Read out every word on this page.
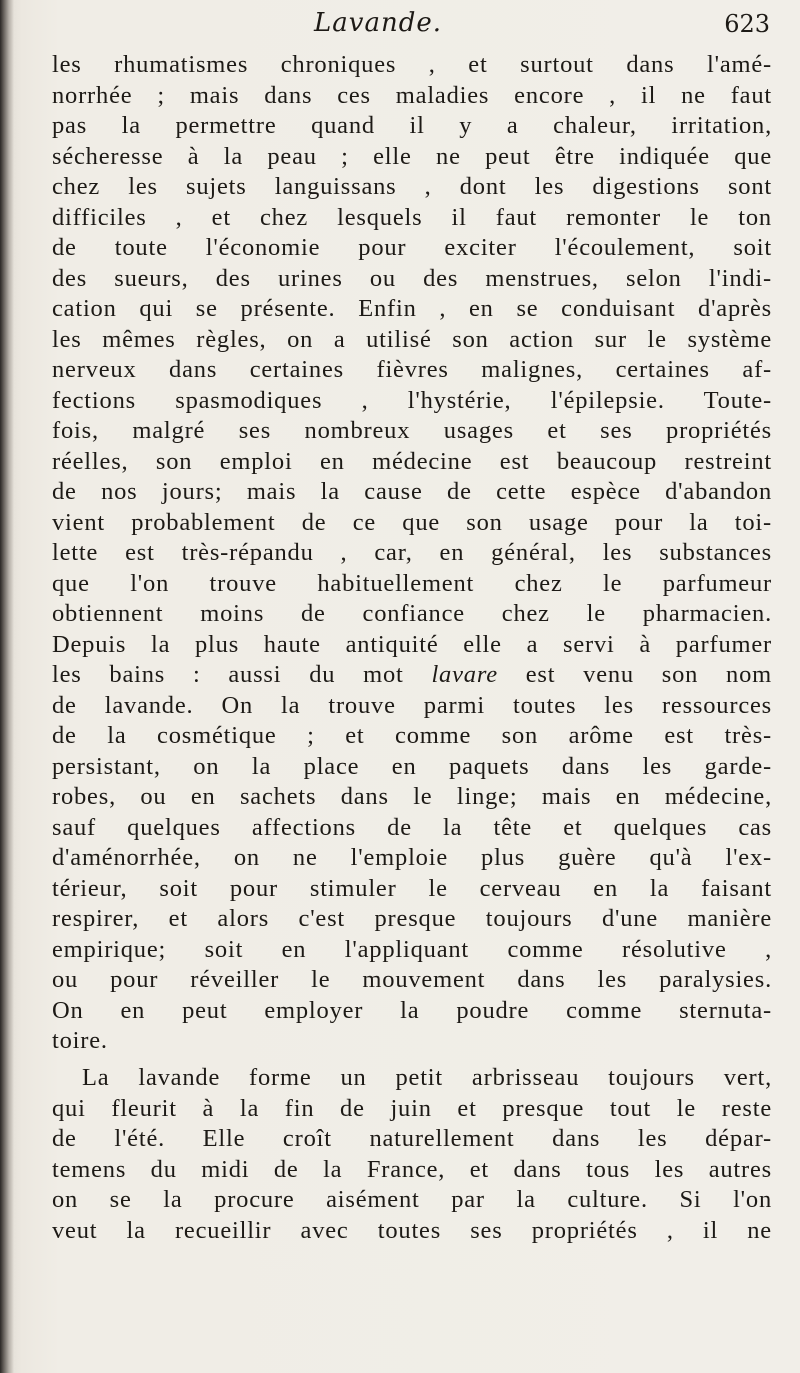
Lavande.	623
les rhumatismes chroniques , et surtout dans l'amé-
norrhée ; mais dans ces maladies encore , il ne faut
pas la permettre quand il y a chaleur, irritation,
sécheresse à la peau ; elle ne peut être indiquée que
chez les sujets languissans , dont les digestions sont
difficiles , et chez lesquels il faut remonter le ton
de toute l'économie pour exciter l'écoulement, soit
des sueurs, des urines ou des menstrues, selon l'indi-
cation qui se présente. Enfin , en se conduisant d'après
les mêmes règles, on a utilisé son action sur le système
nerveux dans certaines fièvres malignes, certaines af-
fections spasmodiques , l'hystérie, l'épilepsie. Toute-
fois, malgré ses nombreux usages et ses propriétés
réelles, son emploi en médecine est beaucoup restreint
de nos jours; mais la cause de cette espèce d'abandon
vient probablement de ce que son usage pour la toi-
lette est très-répandu , car, en général, les substances
que l'on trouve habituellement chez le parfumeur
obtiennent moins de confiance chez le pharmacien.
Depuis la plus haute antiquité elle a servi à parfumer
les bains : aussi du mot lavare est venu son nom
de lavande. On la trouve parmi toutes les ressources
de la cosmétique ; et comme son arôme est très-
persistant, on la place en paquets dans les garde-
robes, ou en sachets dans le linge; mais en médecine,
sauf quelques affections de la tête et quelques cas
d'aménorrhée, on ne l'emploie plus guère qu'à l'ex-
térieur, soit pour stimuler le cerveau en la faisant
respirer, et alors c'est presque toujours d'une manière
empirique; soit en l'appliquant comme résolutive ,
ou pour réveiller le mouvement dans les paralysies.
On en peut employer la poudre comme sternuta-
toire.
La lavande forme un petit arbrisseau toujours vert,
qui fleurit à la fin de juin et presque tout le reste
de l'été. Elle croît naturellement dans les dépar-
temens du midi de la France, et dans tous les autres
on se la procure aisément par la culture. Si l'on
veut la recueillir avec toutes ses propriétés , il ne
